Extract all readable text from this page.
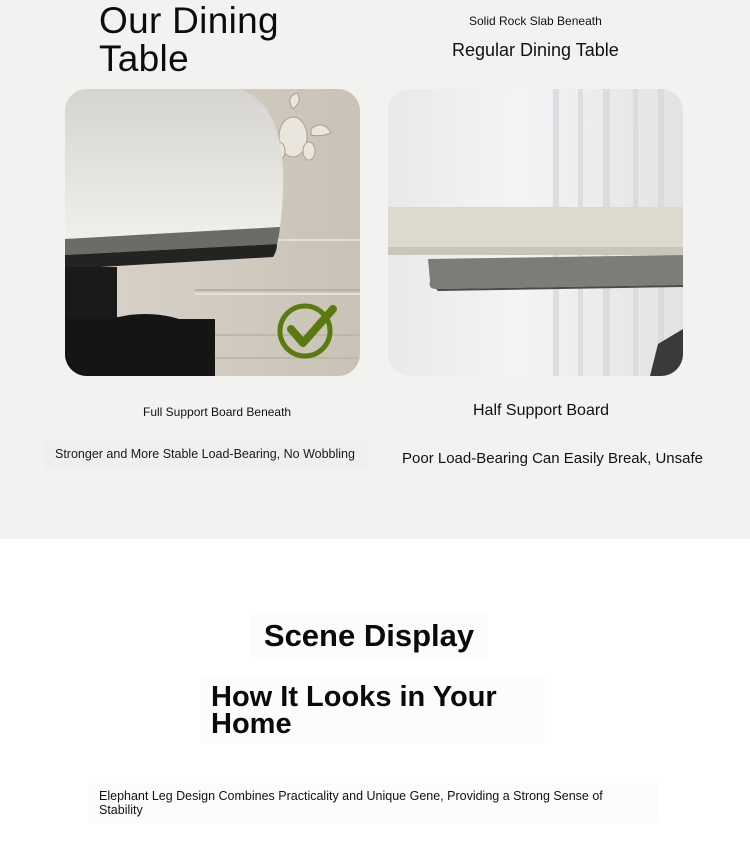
Our Dining Table
Solid Rock Slab Beneath
Regular Dining Table
Full Support Board Beneath	Half Support Board
Stronger and More Stable Load-Bearing, No Wobbling	Poor Load-Bearing Can Easily Break, Unsafe
Scene Display
How It Looks in Your Home
Elephant Leg Design Combines Practicality and Unique Gene, Providing a Strong Sense of Stability
